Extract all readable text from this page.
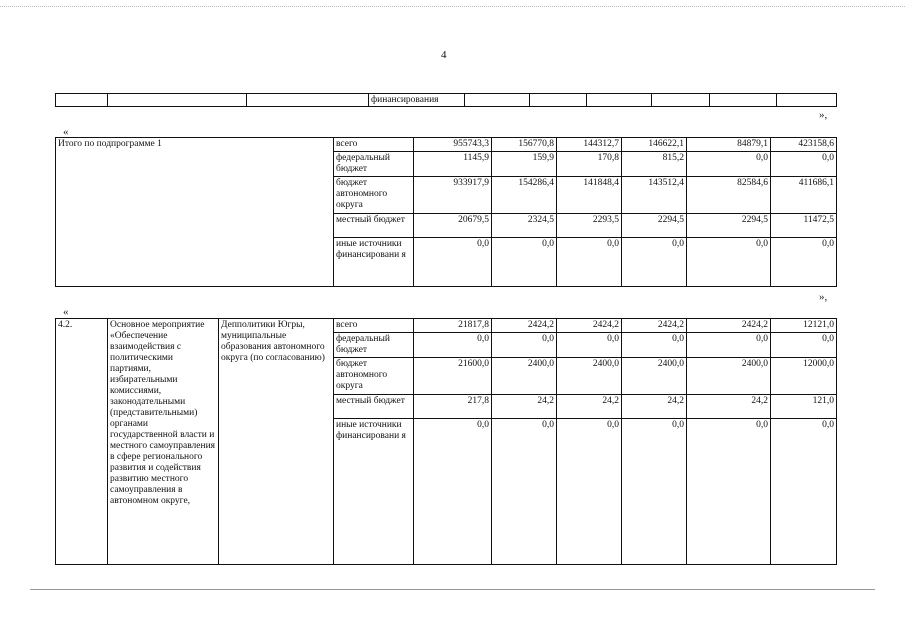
4
			финансирования						
»,
«
Итого по подпрограмме 1	всего	955743,3	156770,8	144312,7	146622,1	84879,1	423158,6
	федеральный бюджет	1145,9	159,9	170,8	815,2	0,0	0,0
	бюджет автономного округа	933917,9	154286,4	141848,4	143512,4	82584,6	411686,1
	местный бюджет	20679,5	2324,5	2293,5	2294,5	2294,5	11472,5
	иные источники финансировани я	0,0	0,0	0,0	0,0	0,0	0,0
»,
«
4.2.	Основное мероприятие «Обеспечение взаимодействия с политическими партиями, избирательными комиссиями, законодательными (представительными) органами государственной власти и местного самоуправления в сфере регионального развития и содействия развитию местного самоуправления в автономном округе,	Депполитики Югры, муниципальные образования автономного округа (по согласованию)	всего	21817,8	2424,2	2424,2	2424,2	2424,2	12121,0
			федеральный бюджет	0,0	0,0	0,0	0,0	0,0	0,0
			бюджет автономного округа	21600,0	2400,0	2400,0	2400,0	2400,0	12000,0
			местный бюджет	217,8	24,2	24,2	24,2	24,2	121,0
			иные источники финансировани я	0,0	0,0	0,0	0,0	0,0	0,0
